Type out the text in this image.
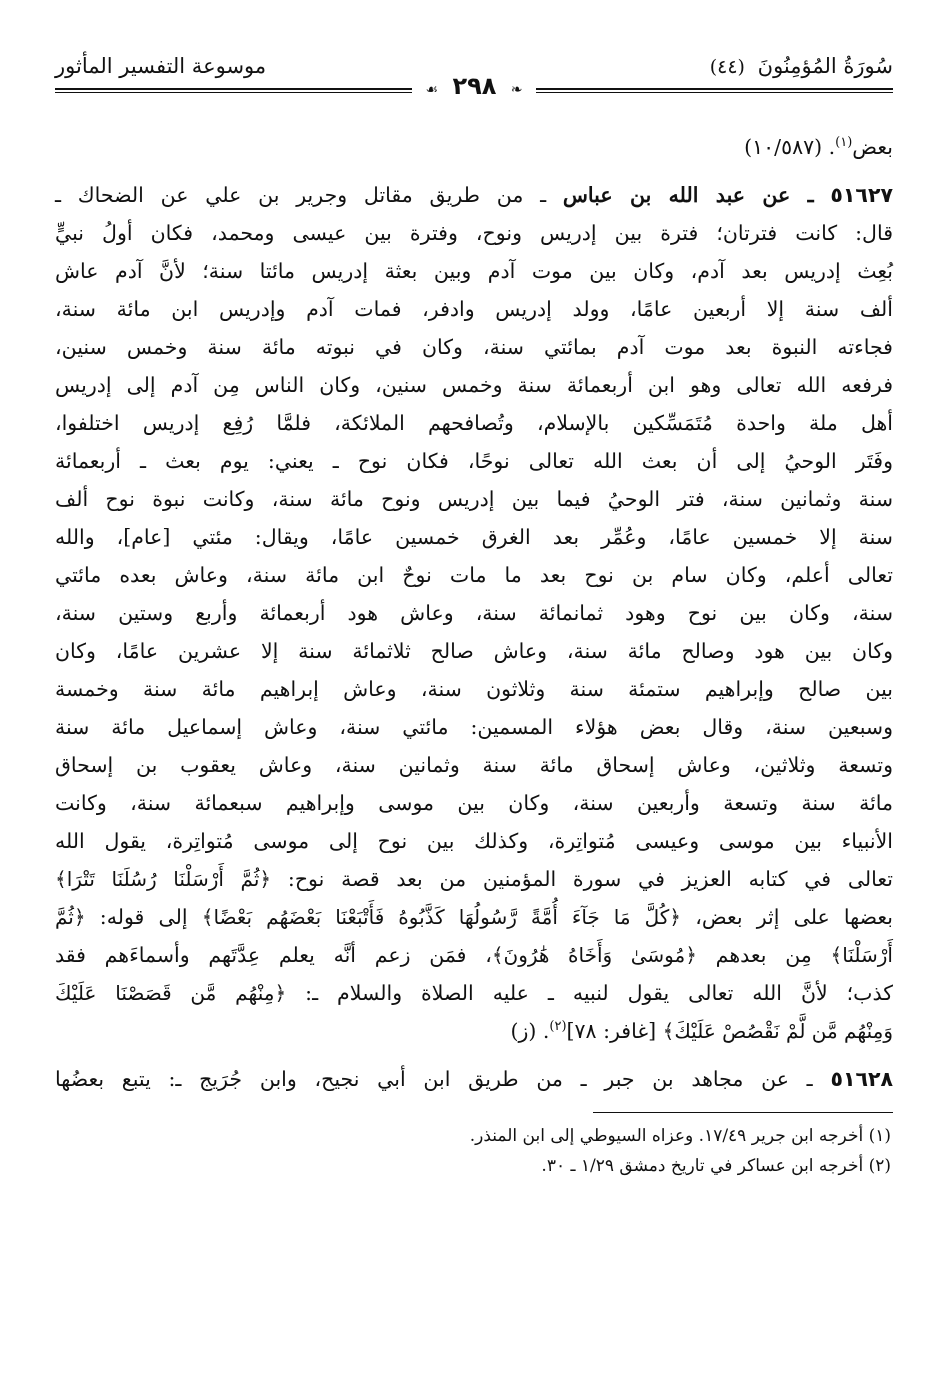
سُورَةُ المُؤمِنُونَ (٤٤)
موسوعة التفسير المأثور
❧ ٢٩٨ ☙
بعض$^{(١)}$. (١٠/٥٨٧)
٥١٦٢٧ ـ عن عبد الله بن عباس ـ من طريق مقاتل وجرير بن علي عن الضحاك ـ
قال: كانت فترتان؛ فترة بين إدريس ونوح، وفترة بين عيسى ومحمد، فكان أولُ نبيٍّ
بُعِث إدريس بعد آدم، وكان بين موت آدم وبين بعثة إدريس مائتا سنة؛ لأنَّ آدم عاش
ألف سنة إلا أربعين عامًا، وولد إدريس وادفر، فمات آدم وإدريس ابن مائة سنة،
فجاءته النبوة بعد موت آدم بمائتي سنة، وكان في نبوته مائة سنة وخمس سنين،
فرفعه الله تعالى وهو ابن أربعمائة سنة وخمس سنين، وكان الناس مِن آدم إلى إدريس
أهل ملة واحدة مُتَمَسِّكين بالإسلام، وتُصافحهم الملائكة، فلمَّا رُفِع إدريس اختلفوا،
وفَتَر الوحيُ إلى أن بعث الله تعالى نوحًا، فكان نوح ـ يعني: يوم بعث ـ أربعمائة
سنة وثمانين سنة، فتر الوحيُ فيما بين إدريس ونوح مائة سنة، وكانت نبوة نوح ألف
سنة إلا خمسين عامًا، وعُمِّر بعد الغرق خمسين عامًا، ويقال: مئتي [عام]، والله
تعالى أعلم، وكان سام بن نوح بعد ما مات نوحٌ ابن مائة سنة، وعاش بعده مائتي
سنة، وكان بين نوح وهود ثمانمائة سنة، وعاش هود أربعمائة وأربع وستين سنة،
وكان بين هود وصالح مائة سنة، وعاش صالح ثلاثمائة سنة إلا عشرين عامًا، وكان
بين صالح وإبراهيم ستمئة سنة وثلاثون سنة، وعاش إبراهيم مائة سنة وخمسة
وسبعين سنة، وقال بعض هؤلاء المسمين: مائتي سنة، وعاش إسماعيل مائة سنة
وتسعة وثلاثين، وعاش إسحاق مائة سنة وثمانين سنة، وعاش يعقوب بن إسحاق
مائة سنة وتسعة وأربعين سنة، وكان بين موسى وإبراهيم سبعمائة سنة، وكانت
الأنبياء بين موسى وعيسى مُتواتِرة، وكذلك بين نوح إلى موسى مُتواتِرة، يقول الله
تعالى في كتابه العزيز في سورة المؤمنين من بعد قصة نوح: ﴿ثُمَّ أَرْسَلْنَا رُسُلَنَا تَتْرَا﴾
بعضها على إثر بعض، ﴿كُلَّ مَا جَآءَ أُمَّةً رَّسُولُهَا كَذَّبُوهُ فَأَتْبَعْنَا بَعْضَهُم بَعْضًا﴾ إلى قوله: ﴿ثُمَّ
أَرْسَلْنَا﴾ مِن بعدهم ﴿مُوسَىٰ وَأَخَاهُ هَٰرُونَ﴾، فمَن زعم أنَّه يعلم عِدَّتَهم وأسماءَهم فقد
كذب؛ لأنَّ الله تعالى يقول لنبيه ـ عليه الصلاة والسلام ـ: ﴿مِنْهُم مَّن قَصَصْنَا عَلَيْكَ
وَمِنْهُم مَّن لَّمْ نَقْصُصْ عَلَيْكَ﴾ [غافر: ٧٨]$^{(٢)}$. (ز)
٥١٦٢٨ ـ عن مجاهد بن جبر ـ من طريق ابن أبي نجيح، وابن جُرَيج ـ: يتبع بعضُها
(١) أخرجه ابن جرير ١٧/٤٩. وعزاه السيوطي إلى ابن المنذر.
(٢) أخرجه ابن عساكر في تاريخ دمشق ١/٢٩ ـ ٣٠.
